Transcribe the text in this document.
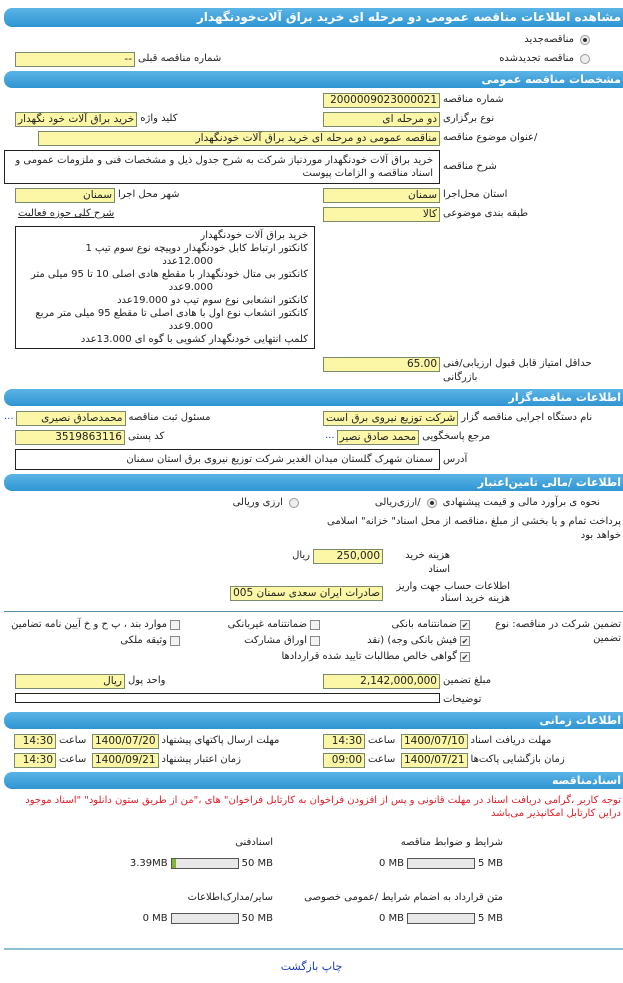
مشاهده اطلاعات مناقصه عمومی دو مرحله ای خرید براق آلات‌خودنگهدار
مناقصه‌جدید
مناقصه تجدیدشده
شماره مناقصه قبلی
--
مشخصات مناقصه عمومی
شماره مناقصه
2000009023000021
نوع برگزاری
دو مرحله ای
کلید واژه
خرید براق آلات خود نگهدار
/عنوان موضوع مناقصه
مناقصه عمومی دو مرحله ای خرید براق آلات خودنگهدار
شرح مناقصه
خرید براق آلات خودنگهدار موردنیاز شرکت به شرح جدول ذیل و مشخصات فنی و ملزومات عمومی و اسناد مناقصه و الزامات پیوست
استان محل‌اجرا
سمنان
شهر محل اجرا
سمنان
طبقه بندی موضوعی
کالا
شرح کلی حوزه فعالیت
خرید براق آلات خودنگهدار
کانکتور ارتباط کابل خودنگهدار دوپیچه نوع سوم تیپ 1
12.000عدد
کانکتور بی متال خودنگهدار با مقطع هادی اصلی 10 تا 95 میلی متر
9.000عدد
کانکتور انشعابی نوع سوم تیپ دو 19.000عدد
کانکتور انشعاب نوع اول با هادی اصلی تا مقطع 95 میلی متر مربع
9.000عدد
کلمپ انتهایی خودنگهدار کشویی با گوه ای 13.000عدد
حداقل امتیاز قابل قبول ارزیابی/فنی بازرگانی
65.00
اطلاعات مناقصه‌گزار
نام دستگاه اجرایی مناقصه گزار
شرکت توزیع نیروی برق است
مسئول ثبت مناقصه
محمدصادق نصیری
...
مرجع پاسخگویی
محمد صادق نصیر
...
کد پستی
3519863116
آدرس
سمنان شهرک گلستان میدان الغدیر شرکت توزیع نیروی برق استان سمنان
اطلاعات /مالی تامین‌اعتبار
نحوه ی برآورد مالی و قیمت پیشنهادی
/ارزی‌ریالی
ارزی وریالی
پرداخت تمام و یا بخشی از مبلغ ،مناقصه از محل اسناد" خزانه" اسلامی
خواهد بود
هزینه خرید اسناد
250,000
ریال
اطلاعات حساب جهت واریز هزینه خرید اسناد
صادرات ایران سعدی سمنان 005
تضمین شرکت در مناقصه: نوع تضمین
✔
ضمانتنامه بانکی
ضمانتنامه غیربانکی
موارد بند ، پ ح و خ آیین نامه تضامین
✔
فیش بانکی وجه) (نقد
اوراق مشارکت
وثیقه ملکی
✔
گواهی خالص مطالبات تایید شده قراردادها
مبلغ تضمین
2,142,000,000
واحد پول
ریال
توضیحات
اطلاعات زمانی
مهلت دریافت اسناد
1400/07/10
ساعت
14:30
مهلت ارسال پاکتهای پیشنهاد
1400/07/20
ساعت
14:30
زمان بازگشایی پاکت‌ها
1400/07/21
ساعت
09:00
زمان اعتبار پیشنهاد
1400/09/21
ساعت
14:30
اسنادمناقصه
توجه کاربر ،گرامی دریافت اسناد در مهلت قانونی و پس از افزودن فراخوان به کارتابل فراخوان" های ،"من از طریق ستون دانلود" "اسناد موجود دراین کارتابل امکانپذیر می‌باشد
شرایط و ضوابط مناقصه
0 MB	5 MB
اسنادفنی
3.39MB	50 MB
متن قرارداد به اضمام شرایط /عمومی خصوصی
0 MB	5 MB
سایر/مدارک‌اطلاعات
0 MB	50 MB
چاپ بازگشت
